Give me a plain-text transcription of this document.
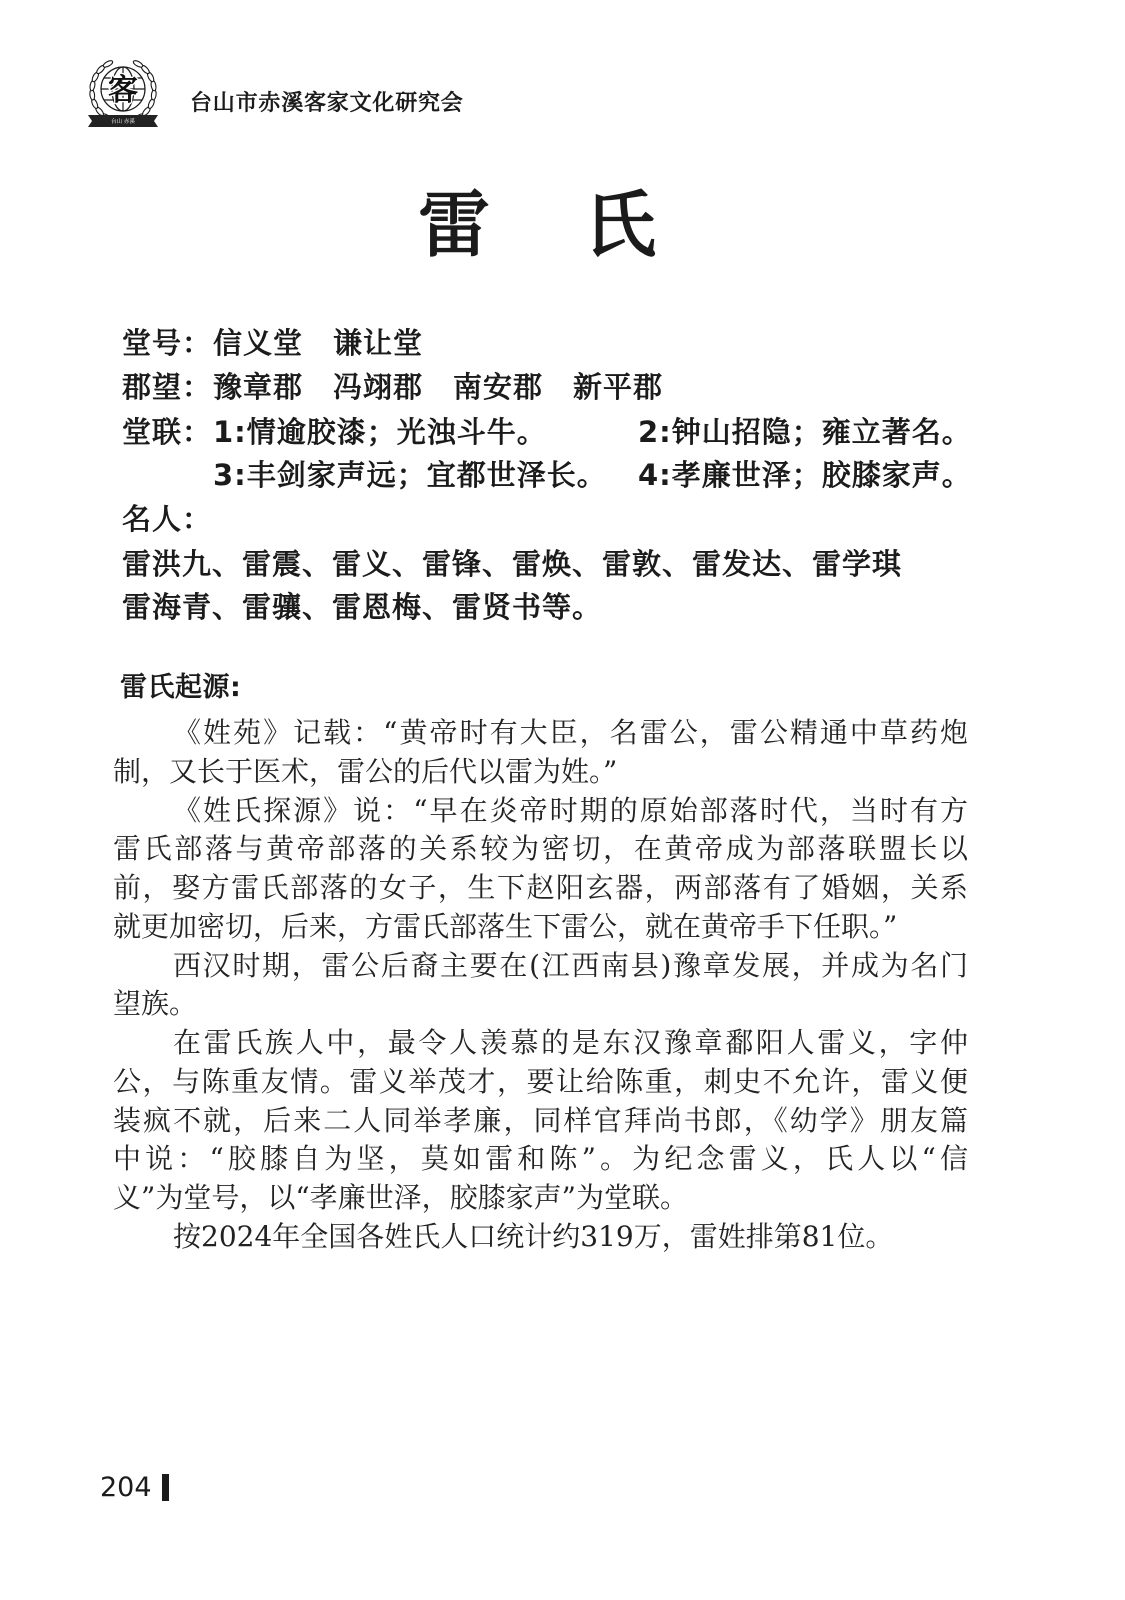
客
台山 赤溪
台山市赤溪客家文化研究会
雷　氏
堂号： 信义堂　谦让堂
郡望： 豫章郡　冯翊郡　南安郡　新平郡
堂联： 1:情逾胶漆；光浊斗牛。	2:钟山招隐；雍立著名。
3:丰剑家声远；宜都世泽长。 4:孝廉世泽；胶膝家声。
名人：
雷洪九、雷震、雷义、雷锋、雷焕、雷敦、雷发达、雷学琪
雷海青、雷骧、雷恩梅、雷贤书等。
雷氏起源:
《姓苑》记载：“黄帝时有大臣，名雷公，雷公精通中草药炮
制，又长于医术，雷公的后代以雷为姓。”
《姓氏探源》说：“早在炎帝时期的原始部落时代，当时有方
雷氏部落与黄帝部落的关系较为密切，在黄帝成为部落联盟长以
前，娶方雷氏部落的女子，生下赵阳玄器，两部落有了婚姻，关系
就更加密切，后来，方雷氏部落生下雷公，就在黄帝手下任职。”
西汉时期，雷公后裔主要在(江西南县)豫章发展，并成为名门
望族。
在雷氏族人中，最令人羡慕的是东汉豫章鄱阳人雷义，字仲
公，与陈重友情。雷义举茂才，要让给陈重，刺史不允许，雷义便
装疯不就，后来二人同举孝廉，同样官拜尚书郎，《幼学》朋友篇
中说：“胶膝自为坚，莫如雷和陈”。为纪念雷义，氏人以“信
义”为堂号，以“孝廉世泽，胶膝家声”为堂联。
按2024年全国各姓氏人口统计约319万，雷姓排第81位。
204
